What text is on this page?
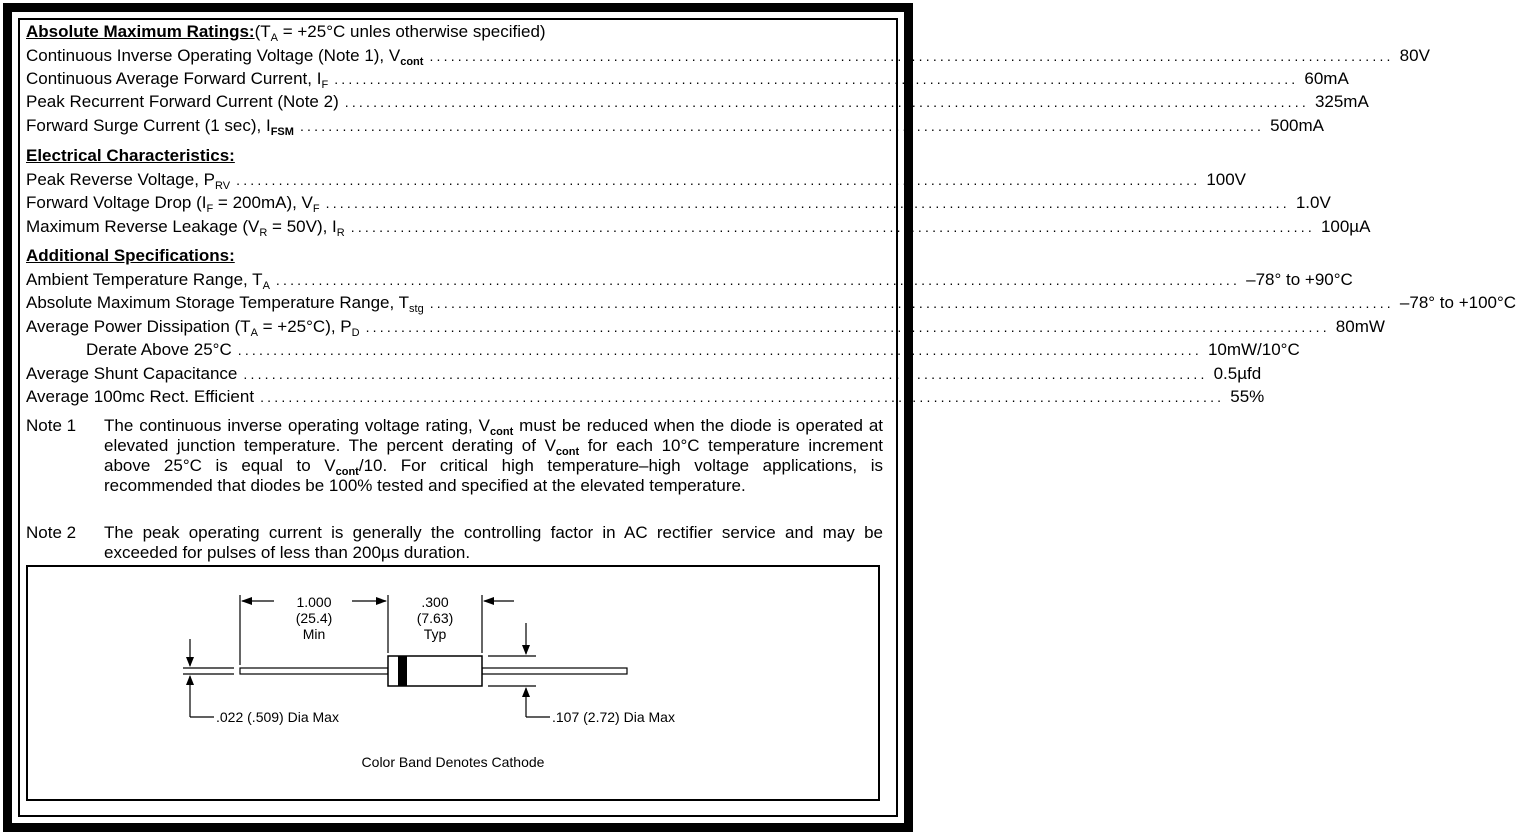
Absolute Maximum Ratings: ($T_A = +25^\circ C$ unles otherwise specified)
Continuous Inverse Operating Voltage (Note 1), $V_{cont}$ ........................................................................................................................................ 80V
Continuous Average Forward Current, $I_F$ ........................................................................................................................................ 60mA
Peak Recurrent Forward Current (Note 2) ........................................................................................................................................ 325mA
Forward Surge Current (1 sec), $I_{FSM}$ ........................................................................................................................................ 500mA
Electrical Characteristics:
Peak Reverse Voltage, $P_{RV}$ ........................................................................................................................................ 100V
Forward Voltage Drop $(I_F = 200mA)$, $V_F$ ........................................................................................................................................ 1.0V
Maximum Reverse Leakage $(V_R = 50V)$, $I_R$ ........................................................................................................................................ 100µA
Additional Specifications:
Ambient Temperature Range, $T_A$ ........................................................................................................................................ –78° to +90°C
Absolute Maximum Storage Temperature Range, $T_{stg}$ ........................................................................................................................................ –78° to +100°C
Average Power Dissipation $(T_A = +25^\circ C)$, $P_D$ ........................................................................................................................................ 80mW
Derate Above 25°C ........................................................................................................................................ 10mW/10°C
Average Shunt Capacitance ........................................................................................................................................ 0.5µfd
Average 100mc Rect. Efficient ........................................................................................................................................ 55%
Note 1	The continuous inverse operating voltage rating, $V_{cont}$ must be reduced when the diode is operated at elevated junction temperature. The percent derating of $V_{cont}$ for each 10°C temperature increment above 25°C is equal to $V_{cont}/10$. For critical high temperature–high voltage applications, is recommended that diodes be 100% tested and specified at the elevated temperature.
Note 2	The peak operating current is generally the controlling factor in AC rectifier service and may be exceeded for pulses of less than 200µs duration.
1.000
(25.4)
Min
.300
(7.63)
Typ
.022 (.509) Dia Max	.107 (2.72) Dia Max
Color Band Denotes Cathode
